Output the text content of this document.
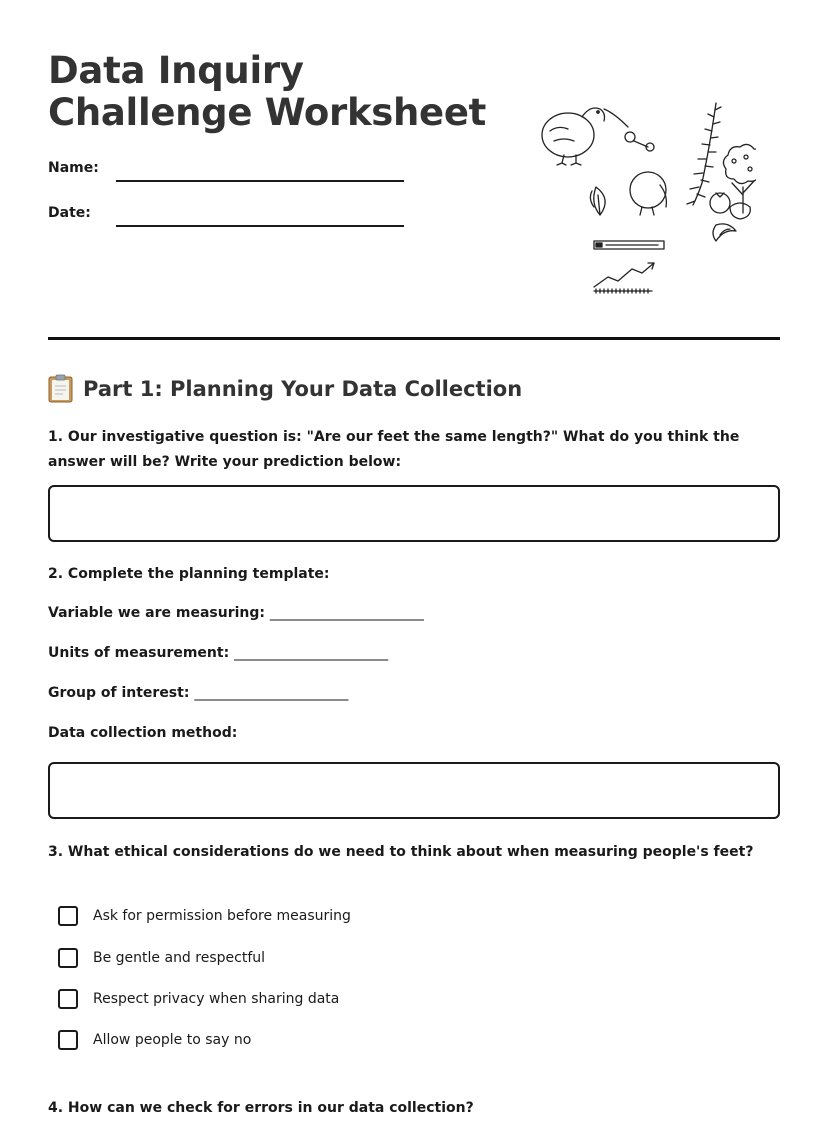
Data Inquiry Challenge Worksheet
Name:
Date:
Part 1: Planning Your Data Collection

1. Our investigative question is: "Are our feet the same length?" What do you think the answer will be? Write your prediction below:

2. Complete the planning template:

Variable we are measuring: ______________________
Units of measurement: ______________________
Group of interest: ______________________
Data collection method:

3. What ethical considerations do we need to think about when measuring people's feet?

Ask for permission before measuring
Be gentle and respectful
Respect privacy when sharing data
Allow people to say no

4. How can we check for errors in our data collection?
